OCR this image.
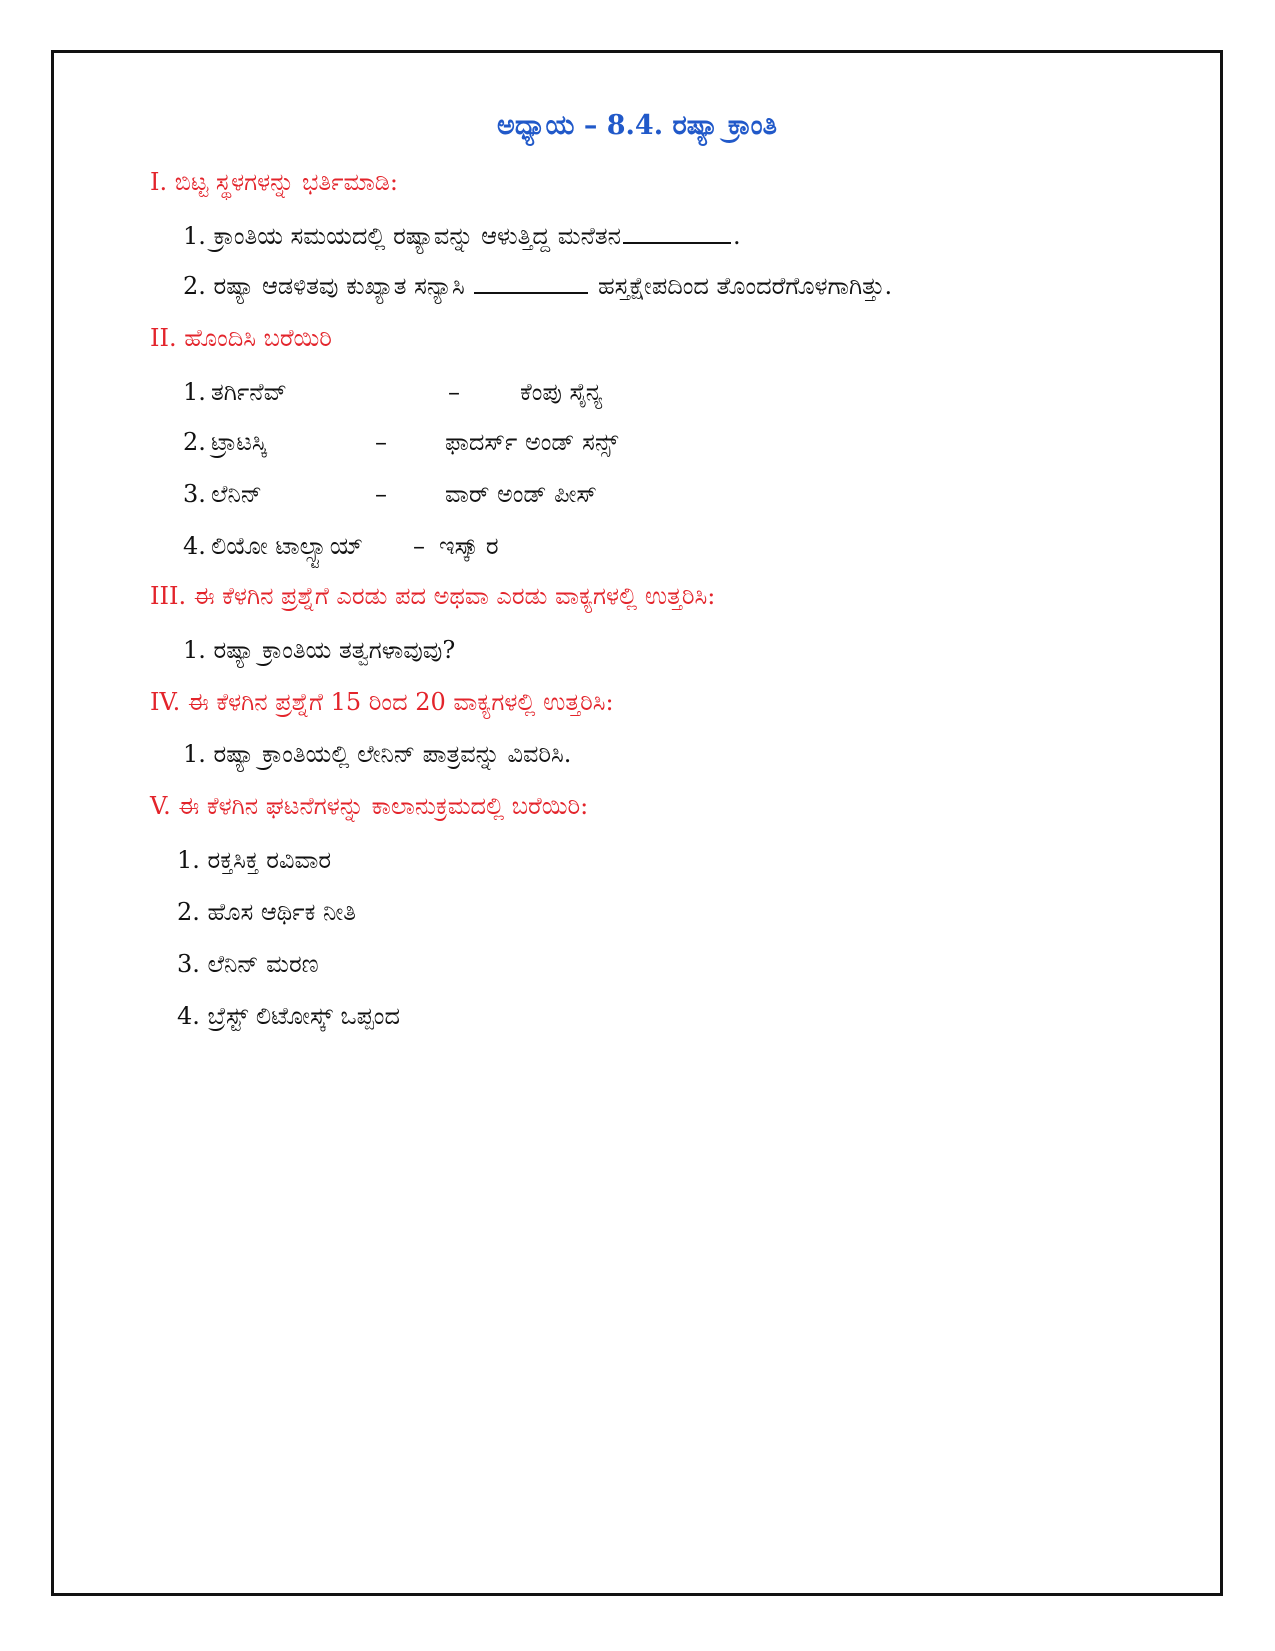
ಅಧ್ಯಾಯ – 8.4. ರಷ್ಯಾ ಕ್ರಾಂತಿ
I. ಬಿಟ್ಟ ಸ್ಥಳಗಳನ್ನು ಭರ್ತಿಮಾಡಿ:
1. ಕ್ರಾಂತಿಯ ಸಮಯದಲ್ಲಿ ರಷ್ಯಾವನ್ನು ಆಳುತ್ತಿದ್ದ ಮನೆತನ	.
2. ರಷ್ಯಾ ಆಡಳಿತವು ಕುಖ್ಯಾತ ಸನ್ಯಾಸಿ	ಹಸ್ತಕ್ಷೇಪದಿಂದ ತೊಂದರೆಗೊಳಗಾಗಿತ್ತು.
II. ಹೊಂದಿಸಿ ಬರೆಯಿರಿ
1. ತರ್ಗಿನೆವ್	–	ಕೆಂಪು ಸೈನ್ಯ
2. ಟ್ರಾಟಸ್ಕಿ	– ಫಾದರ್ಸ್ ಅಂಡ್ ಸನ್ಸ್
3. ಲೆನಿನ್	– ವಾರ್ ಅಂಡ್ ಪೀಸ್
4. ಲಿಯೋ ಟಾಲ್ಸ್ಟಾಯ್ – ಇಸ್ಕಾ್ರ
III. ಈ ಕೆಳಗಿನ ಪ್ರಶ್ನೆಗೆ ಎರಡು ಪದ ಅಥವಾ ಎರಡು ವಾಕ್ಯಗಳಲ್ಲಿ ಉತ್ತರಿಸಿ:
1. ರಷ್ಯಾ ಕ್ರಾಂತಿಯ ತತ್ವಗಳಾವುವು?
IV. ಈ ಕೆಳಗಿನ ಪ್ರಶ್ನೆಗೆ 15 ರಿಂದ 20 ವಾಕ್ಯಗಳಲ್ಲಿ ಉತ್ತರಿಸಿ:
1. ರಷ್ಯಾ ಕ್ರಾಂತಿಯಲ್ಲಿ ಲೇನಿನ್ ಪಾತ್ರವನ್ನು ವಿವರಿಸಿ.
V. ಈ ಕೆಳಗಿನ ಘಟನೆಗಳನ್ನು ಕಾಲಾನುಕ್ರಮದಲ್ಲಿ ಬರೆಯಿರಿ:
1. ರಕ್ತಸಿಕ್ತ ರವಿವಾರ
2. ಹೊಸ ಆರ್ಥಿಕ ನೀತಿ
3. ಲೆನಿನ್ ಮರಣ
4. ಬ್ರೆಸ್ಟ್ ಲಿಟೋಸ್ಕ್ ಒಪ್ಪಂದ
